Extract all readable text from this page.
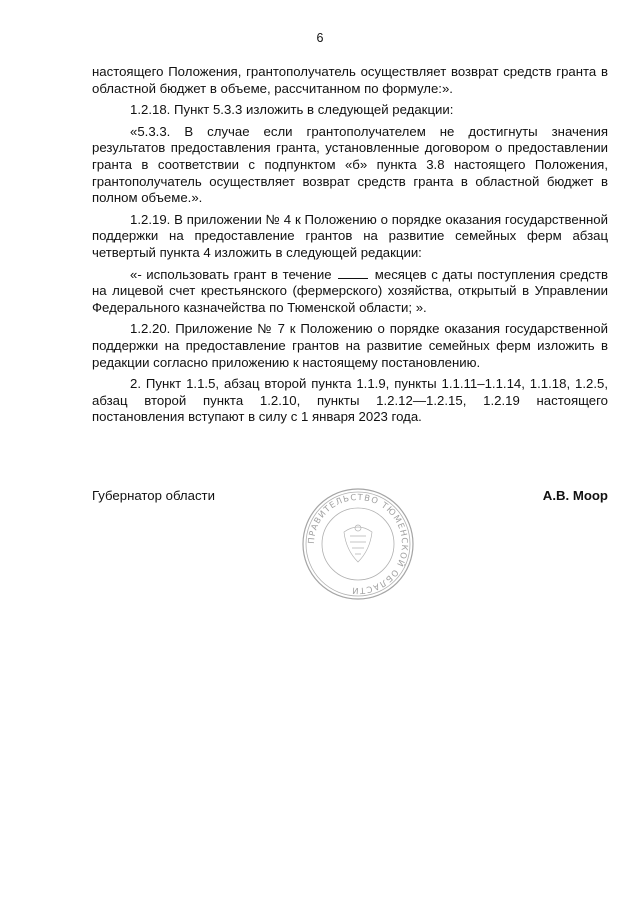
6

настоящего Положения, грантополучатель осуществляет возврат средств гранта в областной бюджет в объеме, рассчитанном по формуле:».

1.2.18. Пункт 5.3.3 изложить в следующей редакции:

«5.3.3. В случае если грантополучателем не достигнуты значения результатов предоставления гранта, установленные договором о предоставлении гранта в соответствии с подпунктом «б» пункта 3.8 настоящего Положения, грантополучатель осуществляет возврат средств гранта в областной бюджет в полном объеме.».

1.2.19. В приложении № 4 к Положению о порядке оказания государственной поддержки на предоставление грантов на развитие семейных ферм абзац четвертый пункта 4 изложить в следующей редакции:

«- использовать грант в течение	месяцев с даты поступления средств на лицевой счет крестьянского (фермерского) хозяйства, открытый в Управлении Федерального казначейства по Тюменской области; ».

1.2.20. Приложение № 7 к Положению о порядке оказания государственной поддержки на предоставление грантов на развитие семейных ферм изложить в редакции согласно приложению к настоящему постановлению.

2. Пункт 1.1.5, абзац второй пункта 1.1.9, пункты 1.1.11–1.1.14, 1.1.18, 1.2.5, абзац второй пункта 1.2.10, пункты 1.2.12—1.2.15, 1.2.19 настоящего постановления вступают в силу с 1 января 2023 года.

Губернатор области	А.В. Моор
ПРАВИТЕЛЬСТВО ТЮМЕНСКОЙ ОБЛАСТИ
